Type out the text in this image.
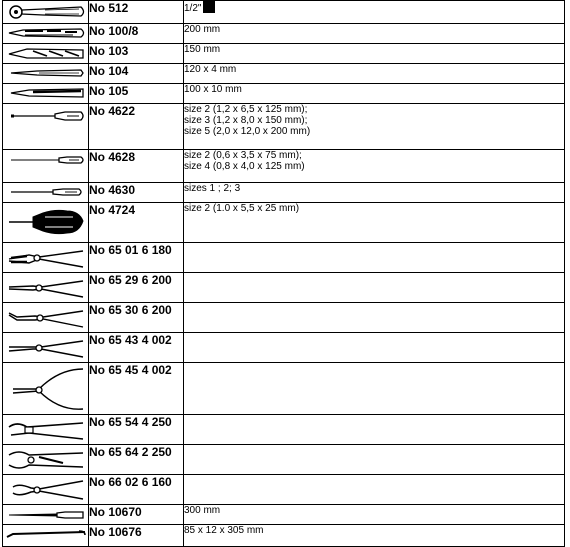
	No 512	1/2"

	No 100/8	200 mm

	No 103	150 mm

	No 104	120 x 4 mm

	No 105	100 x 10 mm

	No 4622	size 2 (1,2 x 6,5 x 125 mm);
size 3 (1,2 x 8,0 x 150 mm);
size 5 (2,0 x 12,0 x 200 mm)

	No 4628	size 2 (0,6 x 3,5 x 75 mm);
size 4 (0,8 x 4,0 x 125 mm)

	No 4630	sizes 1 ; 2; 3

	No 4724	size 2 (1.0 x 5,5 x 25 mm)

	No 65 01 6 180	

	No 65 29 6 200	

	No 65 30 6 200	

	No 65 43 4 002	

	No 65 45 4 002	

	No 65 54 4 250	

	No 65 64 2 250	

	No 66 02 6 160	

	No 10670	300 mm

	No 10676	85 x 12 x 305 mm
